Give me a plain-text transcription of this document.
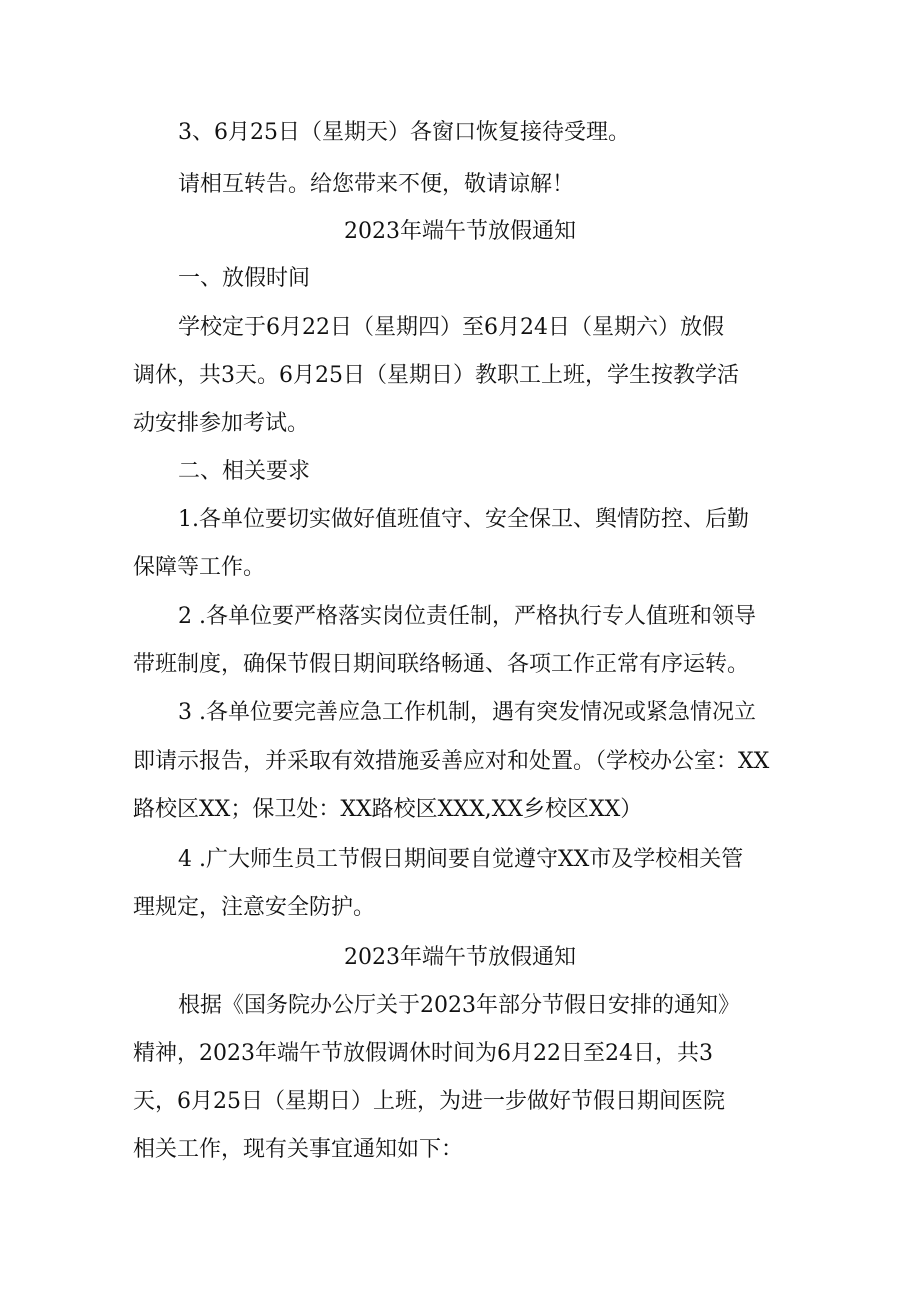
3、6月25日（星期天）各窗口恢复接待受理。
请相互转告。给您带来不便，敬请谅解！
2023年端午节放假通知
一、放假时间
学校定于6月22日（星期四）至6月24日（星期六）放假
调休，共3天。6月25日（星期日）教职工上班，学生按教学活
动安排参加考试。
二、相关要求
1.各单位要切实做好值班值守、安全保卫、舆情防控、后勤
保障等工作。
2 .各单位要严格落实岗位责任制，严格执行专人值班和领导
带班制度，确保节假日期间联络畅通、各项工作正常有序运转。
3 .各单位要完善应急工作机制，遇有突发情况或紧急情况立
即请示报告，并采取有效措施妥善应对和处置。（学校办公室：XX
路校区XX；保卫处：XX路校区XXX,XX乡校区XX）
4 .广大师生员工节假日期间要自觉遵守XX市及学校相关管
理规定，注意安全防护。
2023年端午节放假通知
根据《国务院办公厅关于2023年部分节假日安排的通知》
精神，2023年端午节放假调休时间为6月22日至24日，共3
天，6月25日（星期日）上班，为进一步做好节假日期间医院
相关工作，现有关事宜通知如下：
